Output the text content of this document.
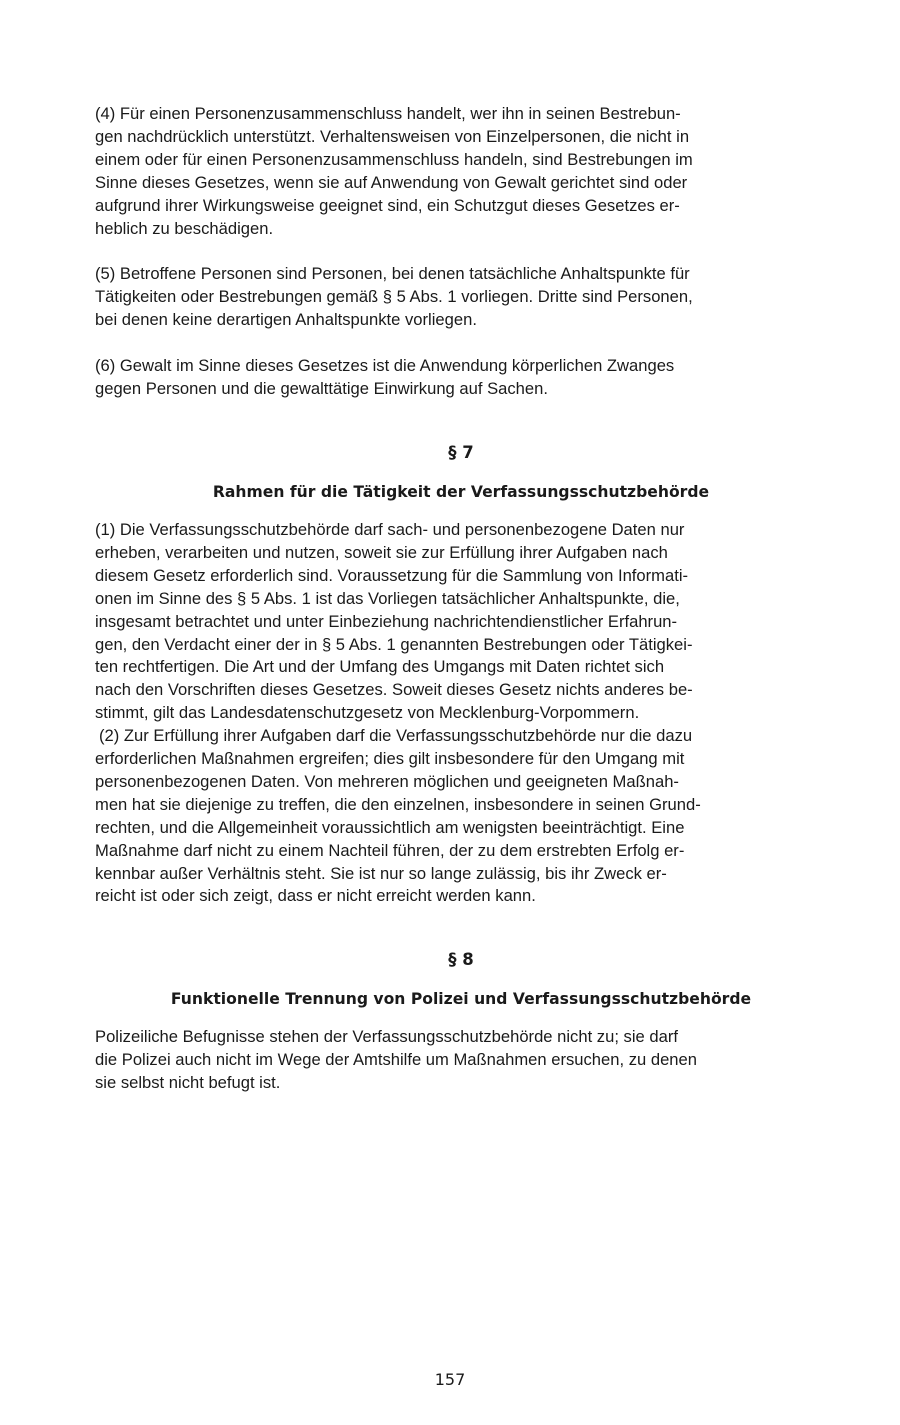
(4) Für einen Personenzusammenschluss handelt, wer ihn in seinen Bestrebun-
gen nachdrücklich unterstützt. Verhaltensweisen von Einzelpersonen, die nicht in
einem oder für einen Personenzusammenschluss handeln, sind Bestrebungen im
Sinne dieses Gesetzes, wenn sie auf Anwendung von Gewalt gerichtet sind oder
aufgrund ihrer Wirkungsweise geeignet sind, ein Schutzgut dieses Gesetzes er-
heblich zu beschädigen.

(5) Betroffene Personen sind Personen, bei denen tatsächliche Anhaltspunkte für
Tätigkeiten oder Bestrebungen gemäß § 5 Abs. 1 vorliegen. Dritte sind Personen,
bei denen keine derartigen Anhaltspunkte vorliegen.

(6) Gewalt im Sinne dieses Gesetzes ist die Anwendung körperlichen Zwanges
gegen Personen und die gewalttätige Einwirkung auf Sachen.

§ 7
Rahmen für die Tätigkeit der Verfassungsschutzbehörde

(1) Die Verfassungsschutzbehörde darf sach- und personenbezogene Daten nur
erheben, verarbeiten und nutzen, soweit sie zur Erfüllung ihrer Aufgaben nach
diesem Gesetz erforderlich sind. Voraussetzung für die Sammlung von Informati-
onen im Sinne des § 5 Abs. 1 ist das Vorliegen tatsächlicher Anhaltspunkte, die,
insgesamt betrachtet und unter Einbeziehung nachrichtendienstlicher Erfahrun-
gen, den Verdacht einer der in § 5 Abs. 1 genannten Bestrebungen oder Tätigkei-
ten rechtfertigen. Die Art und der Umfang des Umgangs mit Daten richtet sich
nach den Vorschriften dieses Gesetzes. Soweit dieses Gesetz nichts anderes be-
stimmt, gilt das Landesdatenschutzgesetz von Mecklenburg-Vorpommern.

(2) Zur Erfüllung ihrer Aufgaben darf die Verfassungsschutzbehörde nur die dazu
erforderlichen Maßnahmen ergreifen; dies gilt insbesondere für den Umgang mit
personenbezogenen Daten. Von mehreren möglichen und geeigneten Maßnah-
men hat sie diejenige zu treffen, die den einzelnen, insbesondere in seinen Grund-
rechten, und die Allgemeinheit voraussichtlich am wenigsten beeinträchtigt. Eine
Maßnahme darf nicht zu einem Nachteil führen, der zu dem erstrebten Erfolg er-
kennbar außer Verhältnis steht. Sie ist nur so lange zulässig, bis ihr Zweck er-
reicht ist oder sich zeigt, dass er nicht erreicht werden kann.

§ 8
Funktionelle Trennung von Polizei und Verfassungsschutzbehörde

Polizeiliche Befugnisse stehen der Verfassungsschutzbehörde nicht zu; sie darf
die Polizei auch nicht im Wege der Amtshilfe um Maßnahmen ersuchen, zu denen
sie selbst nicht befugt ist.

157
